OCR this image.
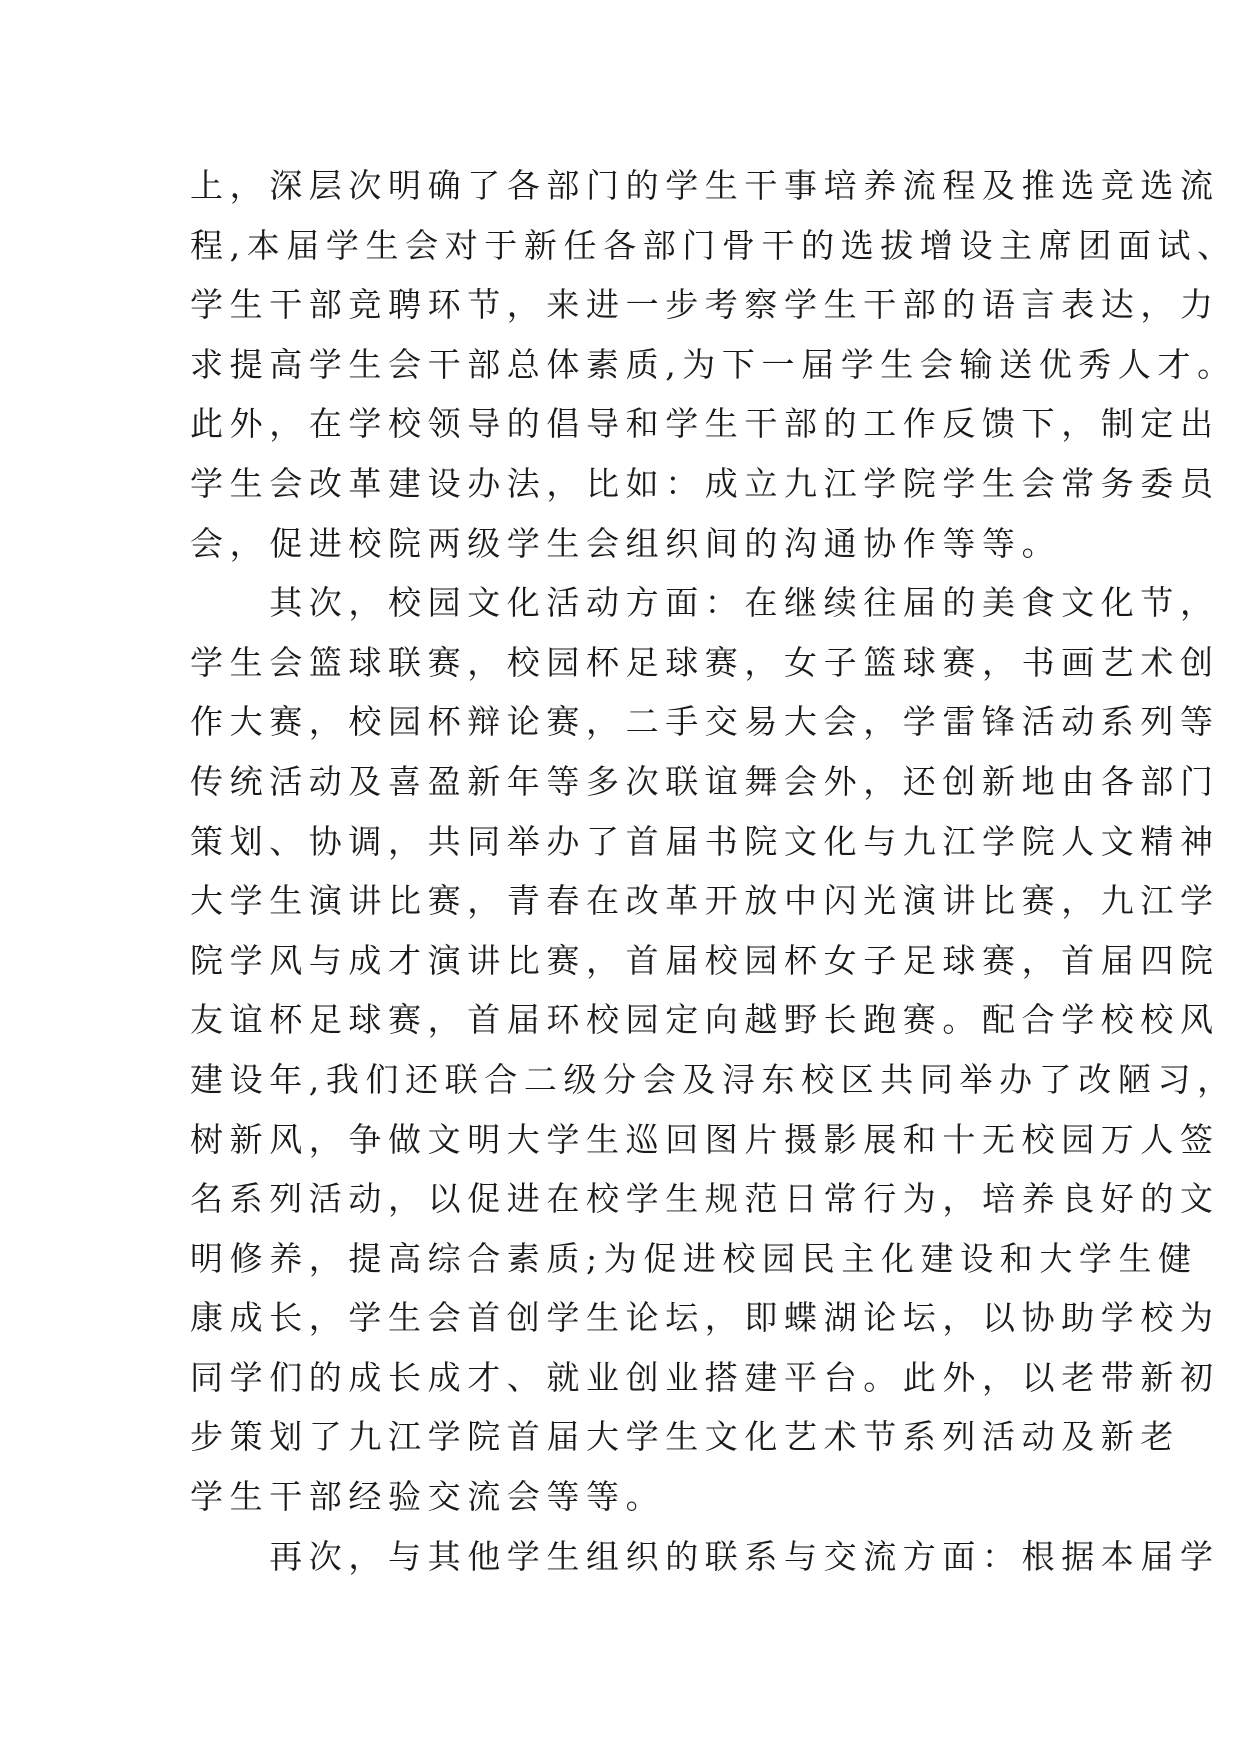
上，深层次明确了各部门的学生干事培养流程及推选竞选流
程,本届学生会对于新任各部门骨干的选拔增设主席团面试、
学生干部竞聘环节，来进一步考察学生干部的语言表达，力
求提高学生会干部总体素质,为下一届学生会输送优秀人才。
此外，在学校领导的倡导和学生干部的工作反馈下，制定出
学生会改革建设办法，比如：成立九江学院学生会常务委员
会，促进校院两级学生会组织间的沟通协作等等。
　　其次，校园文化活动方面：在继续往届的美食文化节，
学生会篮球联赛，校园杯足球赛，女子篮球赛，书画艺术创
作大赛，校园杯辩论赛，二手交易大会，学雷锋活动系列等
传统活动及喜盈新年等多次联谊舞会外，还创新地由各部门
策划、协调，共同举办了首届书院文化与九江学院人文精神
大学生演讲比赛，青春在改革开放中闪光演讲比赛，九江学
院学风与成才演讲比赛，首届校园杯女子足球赛，首届四院
友谊杯足球赛，首届环校园定向越野长跑赛。配合学校校风
建设年,我们还联合二级分会及浔东校区共同举办了改陋习，
树新风，争做文明大学生巡回图片摄影展和十无校园万人签
名系列活动，以促进在校学生规范日常行为，培养良好的文
明修养，提高综合素质;为促进校园民主化建设和大学生健
康成长，学生会首创学生论坛，即蝶湖论坛，以协助学校为
同学们的成长成才、就业创业搭建平台。此外，以老带新初
步策划了九江学院首届大学生文化艺术节系列活动及新老
学生干部经验交流会等等。
　　再次，与其他学生组织的联系与交流方面：根据本届学
